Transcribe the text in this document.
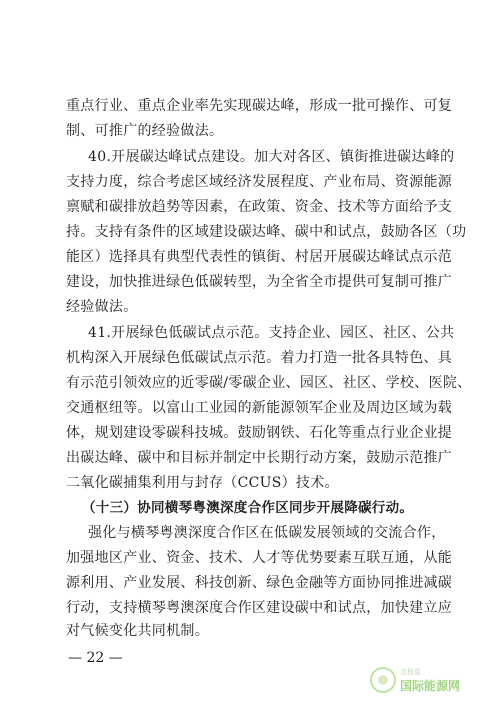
重点行业、重点企业率先实现碳达峰，形成一批可操作、可复
制、可推广的经验做法。
40.开展碳达峰试点建设。加大对各区、镇街推进碳达峰的
支持力度，综合考虑区域经济发展程度、产业布局、资源能源
禀赋和碳排放趋势等因素，在政策、资金、技术等方面给予支
持。支持有条件的区域建设碳达峰、碳中和试点，鼓励各区（功
能区）选择具有典型代表性的镇街、村居开展碳达峰试点示范
建设，加快推进绿色低碳转型，为全省全市提供可复制可推广
经验做法。
41.开展绿色低碳试点示范。支持企业、园区、社区、公共
机构深入开展绿色低碳试点示范。着力打造一批各具特色、具
有示范引领效应的近零碳/零碳企业、园区、社区、学校、医院、
交通枢纽等。以富山工业园的新能源领军企业及周边区域为载
体，规划建设零碳科技城。鼓励钢铁、石化等重点行业企业提
出碳达峰、碳中和目标并制定中长期行动方案，鼓励示范推广
二氧化碳捕集利用与封存（CCUS）技术。
（十三）协同横琴粤澳深度合作区同步开展降碳行动。
强化与横琴粤澳深度合作区在低碳发展领域的交流合作，
加强地区产业、资金、技术、人才等优势要素互联互通，从能
源利用、产业发展、科技创新、绿色金融等方面协同推进减碳
行动，支持横琴粤澳深度合作区建设碳中和试点，加快建立应
— 22 —
北极星
国际能源网
对气候变化共同机制。
